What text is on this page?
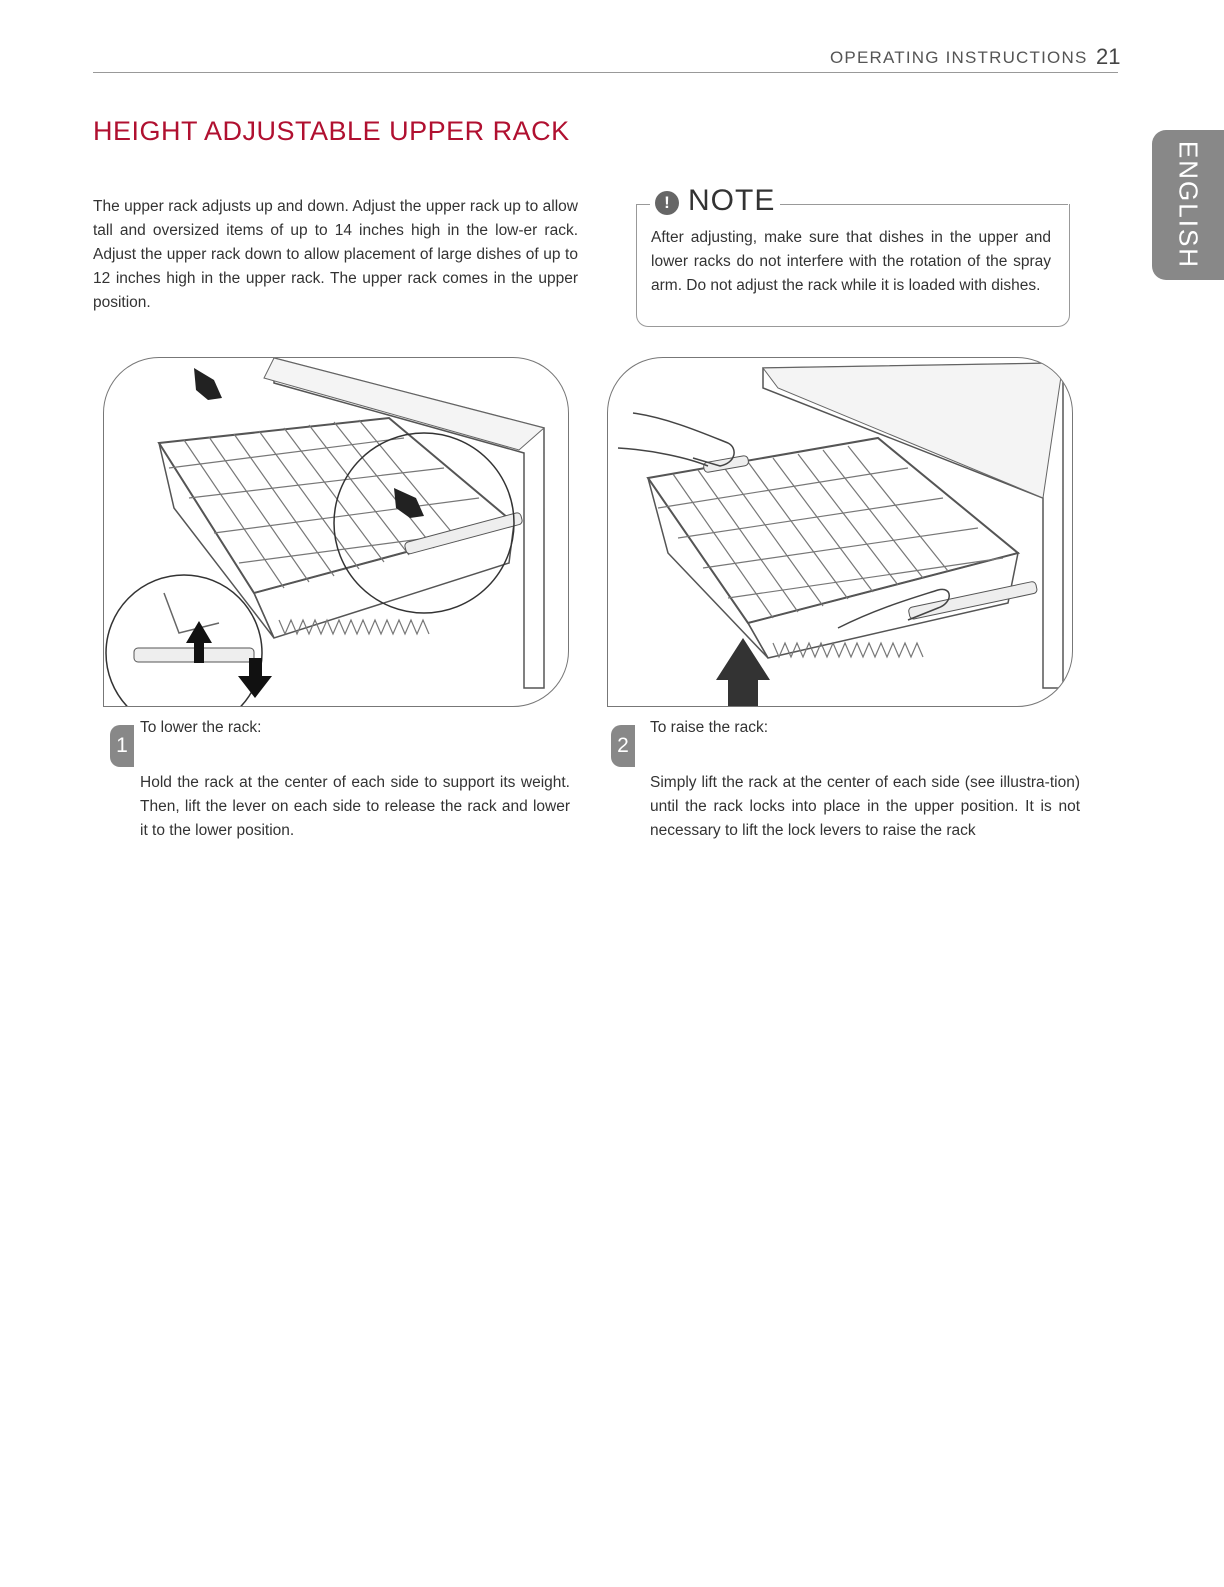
OPERATING INSTRUCTIONS 21
ENGLISH
HEIGHT ADJUSTABLE UPPER RACK

The upper rack adjusts up and down. Adjust the upper rack up to allow tall and oversized items of up to 14 inches high in the low-er rack. Adjust the upper rack down to allow placement of large dishes of up to 12 inches high in the upper rack. The upper rack comes in the upper position.

! NOTE

After adjusting, make sure that dishes in the upper and lower racks do not interfere with the rotation of the spray arm. Do not adjust the rack while it is loaded with dishes.

1
To lower the rack:

Hold the rack at the center of each side to support its weight. Then, lift the lever on each side to release the rack and lower it to the lower position.

2
To raise the rack:

Simply lift the rack at the center of each side (see illustra-tion) until the rack locks into place in the upper position. It is not necessary to lift the lock levers to raise the rack
